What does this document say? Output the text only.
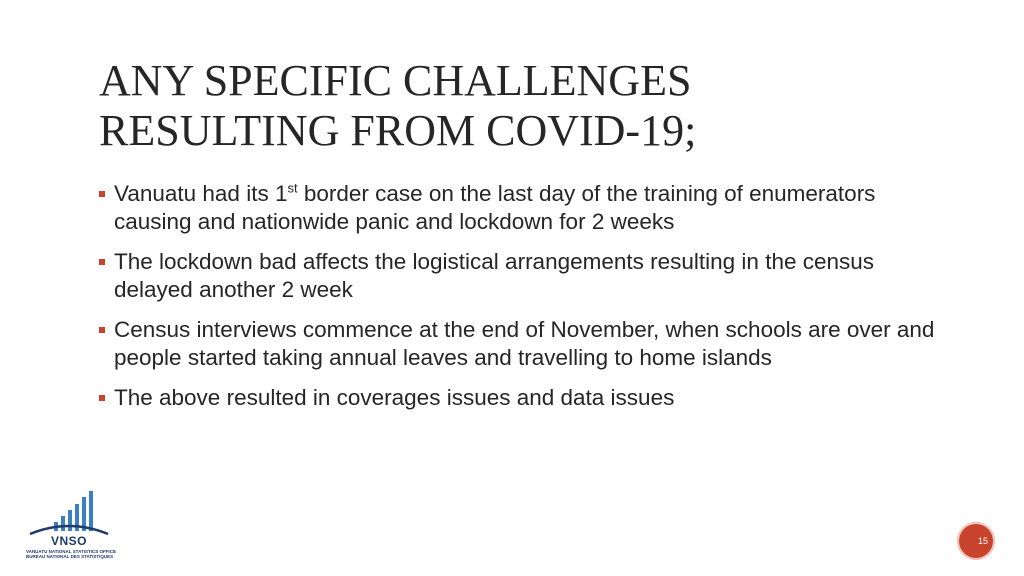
ANY SPECIFIC CHALLENGES
RESULTING FROM COVID-19;
Vanuatu had its 1st border case on the last day of the training of enumerators causing and nationwide panic and lockdown for 2 weeks
The lockdown bad affects the logistical arrangements resulting in the census delayed another 2 week
Census interviews commence at the end of November, when schools are over and people started taking annual leaves and travelling to home islands
The above resulted in coverages issues and data issues
VNSO
VANUATU NATIONAL STATISTICS OFFICE
BUREAU NATIONAL DES STATISTIQUES
15
